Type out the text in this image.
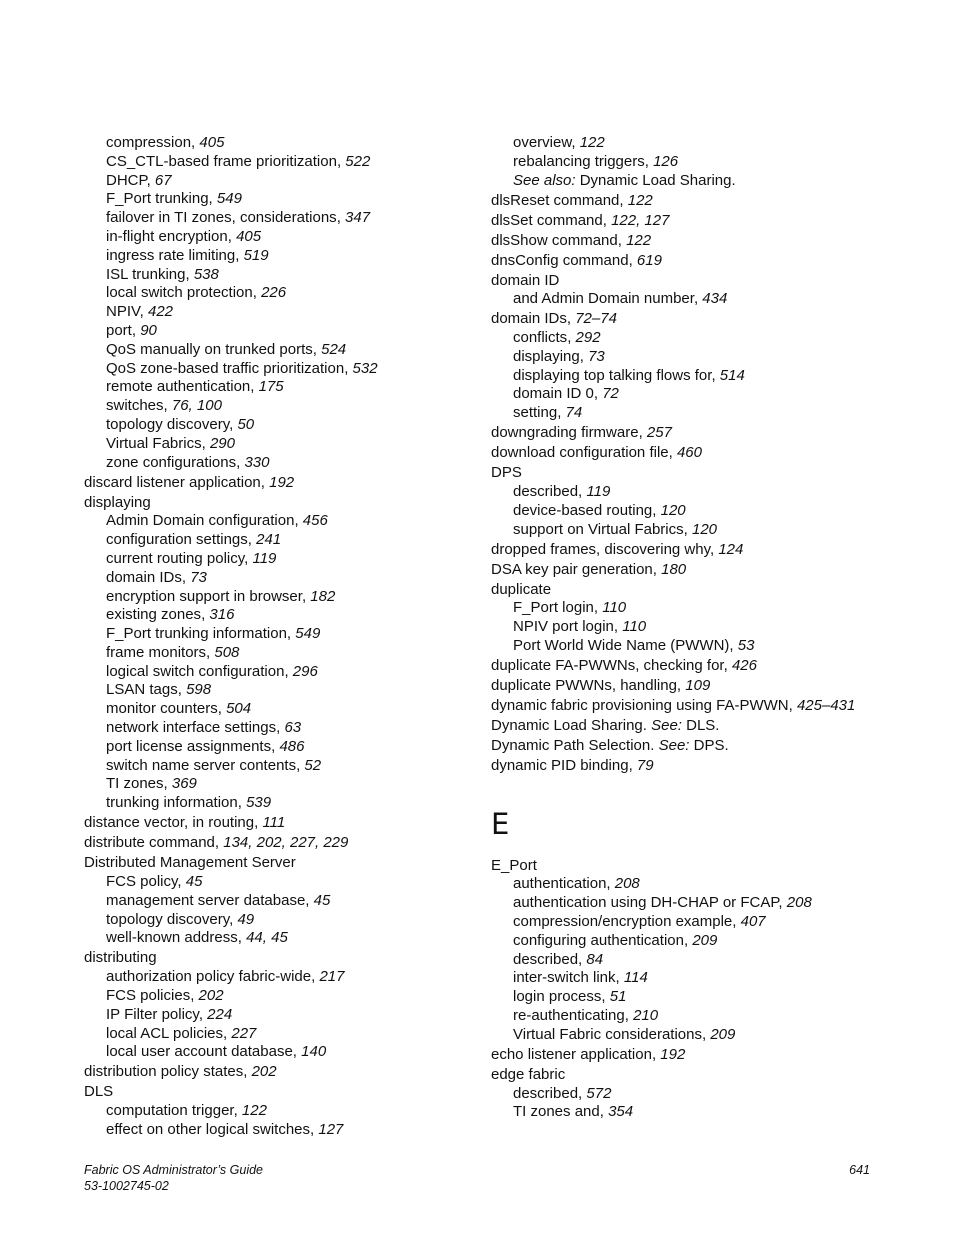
compression, 405
CS_CTL-based frame prioritization, 522
DHCP, 67
F_Port trunking, 549
failover in TI zones, considerations, 347
in-flight encryption, 405
ingress rate limiting, 519
ISL trunking, 538
local switch protection, 226
NPIV, 422
port, 90
QoS manually on trunked ports, 524
QoS zone-based traffic prioritization, 532
remote authentication, 175
switches, 76, 100
topology discovery, 50
Virtual Fabrics, 290
zone configurations, 330
discard listener application, 192
displaying
Admin Domain configuration, 456
configuration settings, 241
current routing policy, 119
domain IDs, 73
encryption support in browser, 182
existing zones, 316
F_Port trunking information, 549
frame monitors, 508
logical switch configuration, 296
LSAN tags, 598
monitor counters, 504
network interface settings, 63
port license assignments, 486
switch name server contents, 52
TI zones, 369
trunking information, 539
distance vector, in routing, 111
distribute command, 134, 202, 227, 229
Distributed Management Server
FCS policy, 45
management server database, 45
topology discovery, 49
well-known address, 44, 45
distributing
authorization policy fabric-wide, 217
FCS policies, 202
IP Filter policy, 224
local ACL policies, 227
local user account database, 140
distribution policy states, 202
DLS
computation trigger, 122
effect on other logical switches, 127
overview, 122
rebalancing triggers, 126
See also: Dynamic Load Sharing.
dlsReset command, 122
dlsSet command, 122, 127
dlsShow command, 122
dnsConfig command, 619
domain ID
and Admin Domain number, 434
domain IDs, 72–74
conflicts, 292
displaying, 73
displaying top talking flows for, 514
domain ID 0, 72
setting, 74
downgrading firmware, 257
download configuration file, 460
DPS
described, 119
device-based routing, 120
support on Virtual Fabrics, 120
dropped frames, discovering why, 124
DSA key pair generation, 180
duplicate
F_Port login, 110
NPIV port login, 110
Port World Wide Name (PWWN), 53
duplicate FA-PWWNs, checking for, 426
duplicate PWWNs, handling, 109
dynamic fabric provisioning using FA-PWWN, 425–431
Dynamic Load Sharing. See: DLS.
Dynamic Path Selection. See: DPS.
dynamic PID binding, 79
E
E_Port
authentication, 208
authentication using DH-CHAP or FCAP, 208
compression/encryption example, 407
configuring authentication, 209
described, 84
inter-switch link, 114
login process, 51
re-authenticating, 210
Virtual Fabric considerations, 209
echo listener application, 192
edge fabric
described, 572
TI zones and, 354
Fabric OS Administrator’s Guide
53-1002745-02
641
